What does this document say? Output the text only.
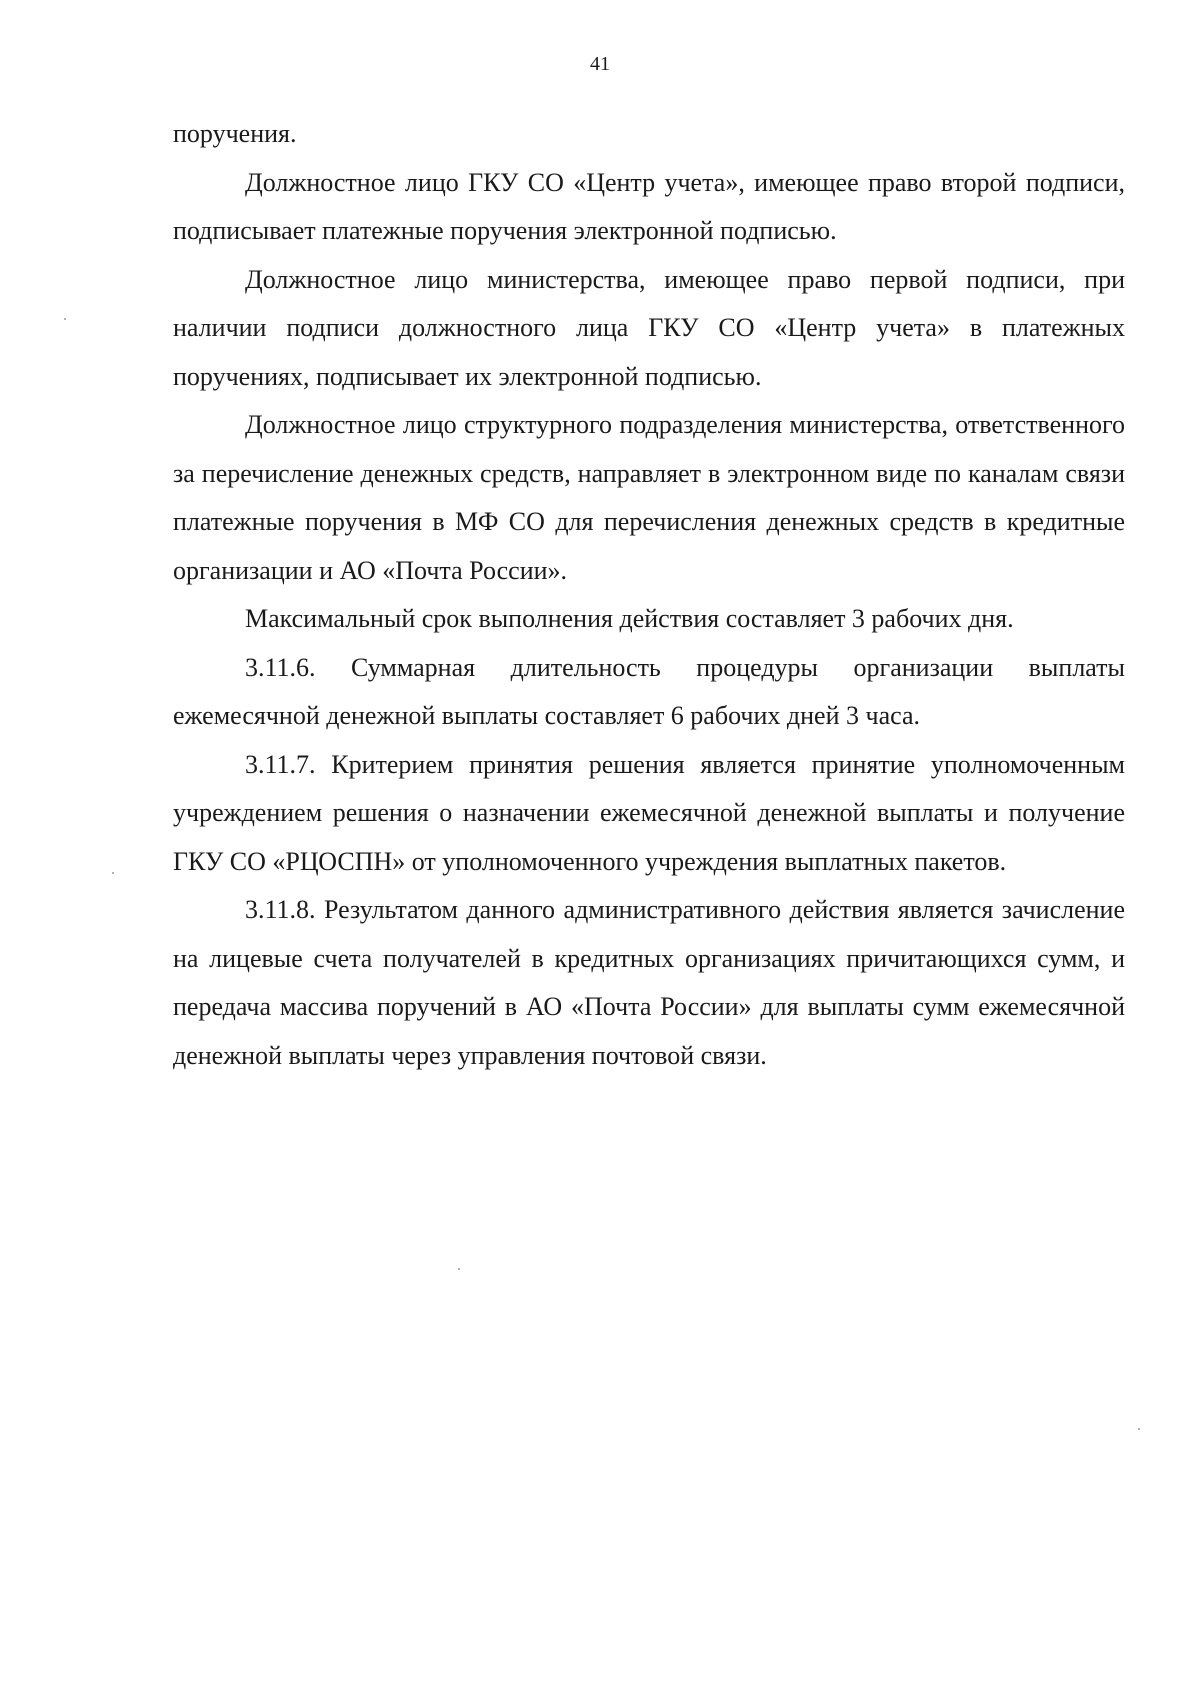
41

поручения.

Должностное лицо ГКУ СО «Центр учета», имеющее право второй подписи, подписывает платежные поручения электронной подписью.

Должностное лицо министерства, имеющее право первой подписи, при наличии подписи должностного лица ГКУ СО «Центр учета» в платежных поручениях, подписывает их электронной подписью.

Должностное лицо структурного подразделения министерства, ответственного за перечисление денежных средств, направляет в электронном виде по каналам связи платежные поручения в МФ СО для перечисления денежных средств в кредитные организации и АО «Почта России».

Максимальный срок выполнения действия составляет 3 рабочих дня.

3.11.6. Суммарная длительность процедуры организации выплаты ежемесячной денежной выплаты составляет 6 рабочих дней 3 часа.

3.11.7. Критерием принятия решения является принятие уполномоченным учреждением решения о назначении ежемесячной денежной выплаты и получение ГКУ СО «РЦОСПН» от уполномоченного учреждения выплатных пакетов.

3.11.8. Результатом данного административного действия является зачисление на лицевые счета получателей в кредитных организациях причитающихся сумм, и передача массива поручений в АО «Почта России» для выплаты сумм ежемесячной денежной выплаты через управления почтовой связи.
